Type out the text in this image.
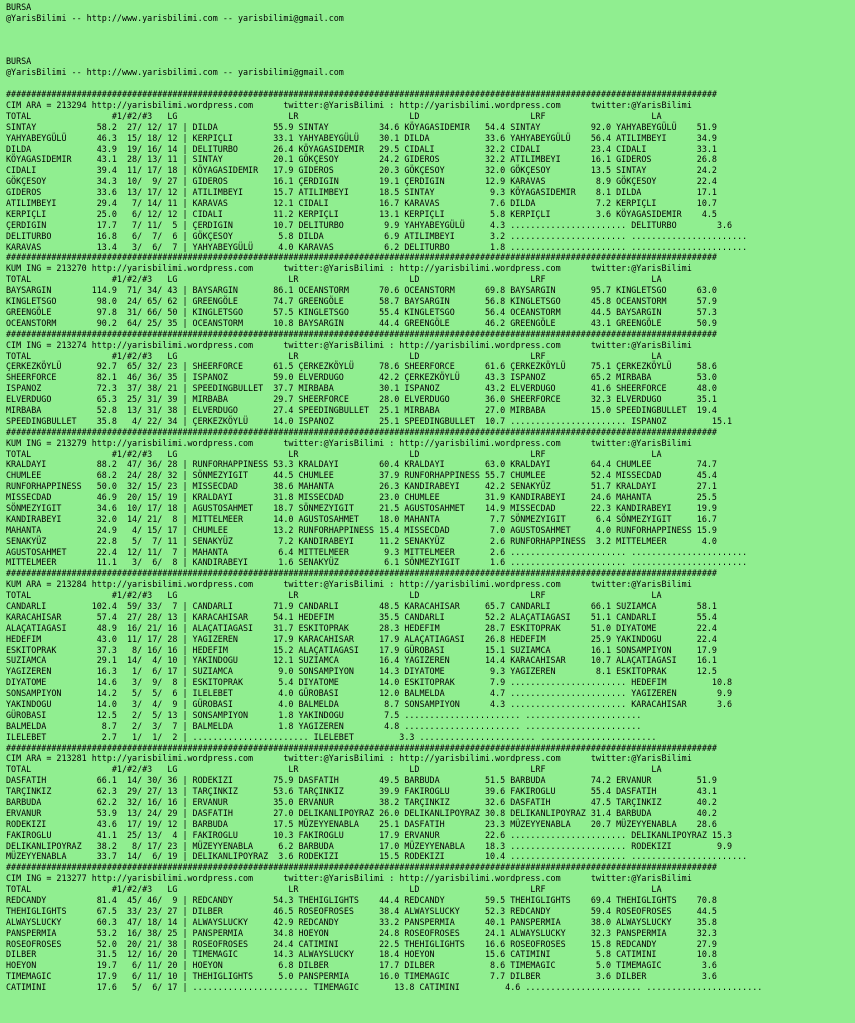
BURSA
@YarisBilimi -- http://www.yarisbilimi.com -- yarisbilimi@gmail.com
BURSA
@YarisBilimi -- http://www.yarisbilimi.com -- yarisbilimi@gmail.com
#############################################################################################################################################
CIM ARA = 213294 http://yarisbilimi.wordpress.com      twitter:@YarisBilimi : http://yarisbilimi.wordpress.com      twitter:@YarisBilimi
TOTAL                #1/#2/#3   LG                      LR                      LD                      LRF                     LA
SINTAY            58.2  27/ 12/ 17 | DILDA           55.9 SINTAY          34.6 KÖYAGASIDEMIR   54.4 SINTAY          92.0 YAHYABEYGÜLÜ    51.9
YAHYABEYGÜLÜ      46.3  15/ 18/ 12 | KERPIÇLI        33.1 YAHYABEYGÜLÜ    30.1 DILDA           33.6 YAHYABEYGÜLÜ    56.4 ATILIMBEYI      34.9
DILDA             43.9  19/ 16/ 14 | DELITURBO       26.4 KÖYAGASIDEMIR   29.5 CIDALI          32.2 CIDALI          23.4 CIDALI          33.1
KÖYAGASIDEMIR     43.1  28/ 13/ 11 | SINTAY          20.1 GÖKÇESOY        24.2 GIDEROS         32.2 ATILIMBEYI      16.1 GIDEROS         26.8
CIDALI            39.4  11/ 17/ 18 | KÖYAGASIDEMIR   17.9 GIDEROS         20.3 GÖKÇESOY        32.0 GÖKÇESOY        13.5 SINTAY          24.2
GÖKÇESOY          34.3  10/  9/ 27 | GIDEROS         16.1 ÇERDIGIN        19.1 ÇERDIGIN        12.9 KARAVAS          8.9 GÖKÇESOY        22.4
GIDEROS           33.6  13/ 17/ 12 | ATILIMBEYI      15.7 ATILIMBEYI      18.5 SINTAY           9.3 KÖYAGASIDEMIR    8.1 DILDA           17.1
ATILIMBEYI        29.4   7/ 14/ 11 | KARAVAS         12.1 CIDALI          16.7 KARAVAS          7.6 DILDA            7.2 KERPIÇLI        10.7
KERPIÇLI          25.0   6/ 12/ 12 | CIDALI          11.2 KERPIÇLI        13.1 KERPIÇLI         5.8 KERPIÇLI         3.6 KÖYAGASIDEMIR    4.5
ÇERDIGIN          17.7   7/ 11/  5 | ÇERDIGIN        10.7 DELITURBO        9.9 YAHYABEYGÜLÜ     4.3 ....................... DELITURBO        3.6
DELITURBO         16.8   6/  7/  6 | GÖKÇESOY         5.8 DILDA            6.9 ATILIMBEYI       3.2 ....................... .......................
KARAVAS           13.4   3/  6/  7 | YAHYABEYGÜLÜ     4.0 KARAVAS          6.2 DELITURBO        1.8 ....................... .......................
#############################################################################################################################################
KUM ING = 213270 http://yarisbilimi.wordpress.com      twitter:@YarisBilimi : http://yarisbilimi.wordpress.com      twitter:@YarisBilimi
TOTAL                #1/#2/#3   LG                      LR                      LD                      LRF                     LA
BAYSARGIN        114.9  71/ 34/ 43 | BAYSARGIN       86.1 OCEANSTORM      70.6 OCEANSTORM      69.8 BAYSARGIN       95.7 KINGLETSGO      63.0
KINGLETSGO        98.0  24/ 65/ 62 | GREENGÖLE       74.7 GREENGÖLE       58.7 BAYSARGIN       56.8 KINGLETSGO      45.8 OCEANSTORM      57.9
GREENGÖLE         97.8  31/ 66/ 50 | KINGLETSGO      57.5 KINGLETSGO      55.4 KINGLETSGO      56.4 OCEANSTORM      44.5 BAYSARGIN       57.3
OCEANSTORM        90.2  64/ 25/ 35 | OCEANSTORM      10.8 BAYSARGIN       44.4 GREENGÖLE       46.2 GREENGÖLE       43.1 GREENGÖLE       50.9
#############################################################################################################################################
CIM ING = 213274 http://yarisbilimi.wordpress.com      twitter:@YarisBilimi : http://yarisbilimi.wordpress.com      twitter:@YarisBilimi
TOTAL                #1/#2/#3   LG                      LR                      LD                      LRF                     LA
ÇERKEZKÖYLÜ       92.7  65/ 32/ 23 | SHEERFORCE      61.5 ÇERKEZKÖYLÜ     78.6 SHEERFORCE      61.6 ÇERKEZKÖYLÜ     75.1 ÇERKEZKÖYLÜ     58.6
SHEERFORCE        82.1  46/ 36/ 35 | ISPANOZ         59.0 ELVERDUGO       42.2 ÇERKEZKÖYLÜ     43.3 ISPANOZ         65.2 MIRBABA         53.0
ISPANOZ           72.3  37/ 38/ 21 | SPEEDINGBULLET  37.7 MIRBABA         30.1 ISPANOZ         43.2 ELVERDUGO       41.6 SHEERFORCE      48.0
ELVERDUGO         65.3  25/ 31/ 39 | MIRBABA         29.7 SHEERFORCE      28.0 ELVERDUGO       36.0 SHEERFORCE      32.3 ELVERDUGO       35.1
MIRBABA           52.8  13/ 31/ 38 | ELVERDUGO       27.4 SPEEDINGBULLET  25.1 MIRBABA         27.0 MIRBABA         15.0 SPEEDINGBULLET  19.4
SPEEDINGBULLET    35.8   4/ 22/ 34 | ÇERKEZKÖYLÜ     14.0 ISPANOZ         25.1 SPEEDINGBULLET  10.7 ....................... ISPANOZ         15.1
#############################################################################################################################################
KUM ING = 213279 http://yarisbilimi.wordpress.com      twitter:@YarisBilimi : http://yarisbilimi.wordpress.com      twitter:@YarisBilimi
TOTAL                #1/#2/#3   LG                      LR                      LD                      LRF                     LA
KRALDAYI          88.2  47/ 36/ 28 | RUNFORHAPPINESS 53.3 KRALDAYI        60.4 KRALDAYI        63.0 KRALDAYI        64.4 CHUMLEE         74.7
CHUMLEE           68.2  24/ 28/ 32 | SÖNMEZYIGIT     44.5 CHUMLEE         37.9 RUNFORHAPPINESS 55.7 CHUMLEE         52.4 MISSECDAD       45.4
RUNFORHAPPINESS   50.0  32/ 15/ 23 | MISSECDAD       38.6 MAHANTA         26.3 KANDIRABEYI     42.2 SENAKYÜZ        51.7 KRALDAYI        27.1
MISSECDAD         46.9  20/ 15/ 19 | KRALDAYI        31.8 MISSECDAD       23.0 CHUMLEE         31.9 KANDIRABEYI     24.6 MAHANTA         25.5
SÖNMEZYIGIT       34.6  10/ 17/ 18 | AGUSTOSAHMET    18.7 SÖNMEZYIGIT     21.5 AGUSTOSAHMET    14.9 MISSECDAD       22.3 KANDIRABEYI     19.9
KANDIRABEYI       32.0  14/ 21/  8 | MITTELMEER      14.0 AGUSTOSAHMET    18.0 MAHANTA          7.7 SÖNMEZYIGIT      6.4 SÖNMEZYIGIT     16.7
MAHANTA           24.9   4/ 15/ 17 | CHUMLEE         13.2 RUNFORHAPPINESS 15.4 MISSECDAD        7.0 AGUSTOSAHMET     4.0 RUNFORHAPPINESS 15.9
SENAKYÜZ          22.8   5/  7/ 11 | SENAKYÜZ         7.2 KANDIRABEYI     11.2 SENAKYÜZ         2.6 RUNFORHAPPINESS  3.2 MITTELMEER       4.0
AGUSTOSAHMET      22.4  12/ 11/  7 | MAHANTA          6.4 MITTELMEER       9.3 MITTELMEER       2.6 ....................... .......................
MITTELMEER        11.1   3/  6/  8 | KANDIRABEYI      1.6 SENAKYÜZ         6.1 SÖNMEZYIGIT      1.6 ....................... .......................
#############################################################################################################################################
KUM ARA = 213284 http://yarisbilimi.wordpress.com      twitter:@YarisBilimi : http://yarisbilimi.wordpress.com      twitter:@YarisBilimi
TOTAL                #1/#2/#3   LG                      LR                      LD                      LRF                     LA
CANDARLI         102.4  59/ 33/  7 | CANDARLI        71.9 CANDARLI        48.5 KARACAHISAR     65.7 CANDARLI        66.1 SUZIAMCA        58.1
KARACAHISAR       57.4  27/ 28/ 13 | KARACAHISAR     54.1 HEDEFIM         35.5 CANDARLI        52.2 ALAÇATIAGASI    51.1 CANDARLI        55.4
ALAÇATIAGASI      48.9  16/ 21/ 16 | ALAÇATIAGASI    31.7 ESKITOPRAK      28.3 HEDEFIM         28.7 ESKITOPRAK      51.0 DIYATOME        22.4
HEDEFIM           43.0  11/ 17/ 28 | YAGIZEREN       17.9 KARACAHISAR     17.9 ALAÇATIAGASI    26.8 HEDEFIM         25.9 YAKINDOGU       22.4
ESKITOPRAK        37.3   8/ 16/ 16 | HEDEFIM         15.2 ALAÇATIAGASI    17.9 GÜROBASI        15.1 SUZIAMCA        16.1 SONSAMPIYON     17.9
SUZIAMCA          29.1  14/  4/ 10 | YAKINDOGU       12.1 SUZIAMCA        16.4 YAGIZEREN       14.4 KARACAHISAR     10.7 ALAÇATIAGASI    16.1
YAGIZEREN         16.3   1/  6/ 17 | SUZIAMCA         9.0 SONSAMPIYON     14.3 DIYATOME         9.3 YAGIZEREN        8.1 ESKITOPRAK      12.5
DIYATOME          14.6   3/  9/  8 | ESKITOPRAK       5.4 DIYATOME        14.0 ESKITOPRAK       7.9 ....................... HEDEFIM         10.8
SONSAMPIYON       14.2   5/  5/  6 | ILELEBET         4.0 GÜROBASI        12.0 BALMELDA         4.7 ....................... YAGIZEREN        9.9
YAKINDOGU         14.0   3/  4/  9 | GÜROBASI         4.0 BALMELDA         8.7 SONSAMPIYON      4.3 ....................... KARACAHISAR      3.6
GÜROBASI          12.5   2/  5/ 13 | SONSAMPIYON      1.8 YAKINDOGU        7.5 ....................... .......................
BALMELDA           8.7   2/  3/  7 | BALMELDA         1.8 YAGIZEREN        4.8 ....................... .......................
ILELEBET           2.7   1/  1/  2 | ....................... ILELEBET         3.3 ....................... .......................
#############################################################################################################################################
CIM ARA = 213281 http://yarisbilimi.wordpress.com      twitter:@YarisBilimi : http://yarisbilimi.wordpress.com      twitter:@YarisBilimi
TOTAL                #1/#2/#3   LG                      LR                      LD                      LRF                     LA
DASFATIH          66.1  14/ 30/ 36 | RODEKIZI        75.9 DASFATIH        49.5 BARBUDA         51.5 BARBUDA         74.2 ERVANUR         51.9
TARÇINKIZ         62.3  29/ 27/ 13 | TARÇINKIZ       53.6 TARÇINKIZ       39.9 FAKIROGLU       39.6 FAKIROGLU       55.4 DASFATIH        43.1
BARBUDA           62.2  32/ 16/ 16 | ERVANUR         35.0 ERVANUR         38.2 TARÇINKIZ       32.6 DASFATIH        47.5 TARÇINKIZ       40.2
ERVANUR           53.9  13/ 24/ 29 | DASFATIH        27.0 DELIKANLIPOYRAZ 26.0 DELIKANLIPOYRAZ 30.8 DELIKANLIPOYRAZ 31.4 BARBUDA         40.2
RODEKIZI          43.6  17/ 19/ 12 | BARBUDA         17.5 MÜZEYYENABLA    25.1 DASFATIH        23.3 MÜZEYYENABLA    20.7 MÜZEYYENABLA    28.6
FAKIROGLU         41.1  25/ 13/  4 | FAKIROGLU       10.3 FAKIROGLU       17.9 ERVANUR         22.6 ....................... DELIKANLIPOYRAZ 15.3
DELIKANLIPOYRAZ   38.2   8/ 17/ 23 | MÜZEYYENABLA     6.2 BARBUDA         17.0 MÜZEYYENABLA    18.3 ....................... RODEKIZI         9.9
MÜZEYYENABLA      33.7  14/  6/ 19 | DELIKANLIPOYRAZ  3.6 RODEKIZI        15.5 RODEKIZI        10.4 ....................... .......................
#############################################################################################################################################
CIM ING = 213277 http://yarisbilimi.wordpress.com      twitter:@YarisBilimi : http://yarisbilimi.wordpress.com      twitter:@YarisBilimi
TOTAL                #1/#2/#3   LG                      LR                      LD                      LRF                     LA
REDCANDY          81.4  45/ 46/  9 | REDCANDY        54.3 THEHIGLIGHTS    44.4 REDCANDY        59.5 THEHIGLIGHTS    69.4 THEHIGLIGHTS    70.8
THEHIGLIGHTS      67.5  33/ 23/ 27 | DILBER          46.5 ROSEOFROSES     38.4 ALWAYSLUCKY     52.3 REDCANDY        59.4 ROSEOFROSES     44.5
ALWAYSLUCKY       60.3  47/ 18/ 14 | ALWAYSLUCKY     42.9 REDCANDY        33.2 PANSPERMIA      40.1 PANSPERMIA      38.0 ALWAYSLUCKY     35.8
PANSPERMIA        53.2  16/ 38/ 25 | PANSPERMIA      34.8 HOEYON          24.8 ROSEOFROSES     24.1 ALWAYSLUCKY     32.3 PANSPERMIA      32.3
ROSEOFROSES       52.0  20/ 21/ 38 | ROSEOFROSES     24.4 CATIMINI        22.5 THEHIGLIGHTS    16.6 ROSEOFROSES     15.8 REDCANDY        27.9
DILBER            31.5  12/ 16/ 20 | TIMEMAGIC       14.3 ALWAYSLUCKY     18.4 HOEYON          15.6 CATIMINI         5.8 CATIMINI        10.8
HOEYON            19.7   6/ 11/ 20 | HOEYON           6.8 DILBER          17.7 DILBER           8.6 TIMEMAGIC        5.0 TIMEMAGIC        3.6
TIMEMAGIC         17.9   6/ 11/ 10 | THEHIGLIGHTS     5.0 PANSPERMIA      16.0 TIMEMAGIC        7.7 DILBER           3.6 DILBER           3.6
CATIMINI          17.6   5/  6/ 17 | ....................... TIMEMAGIC       13.8 CATIMINI         4.6 ....................... .......................
